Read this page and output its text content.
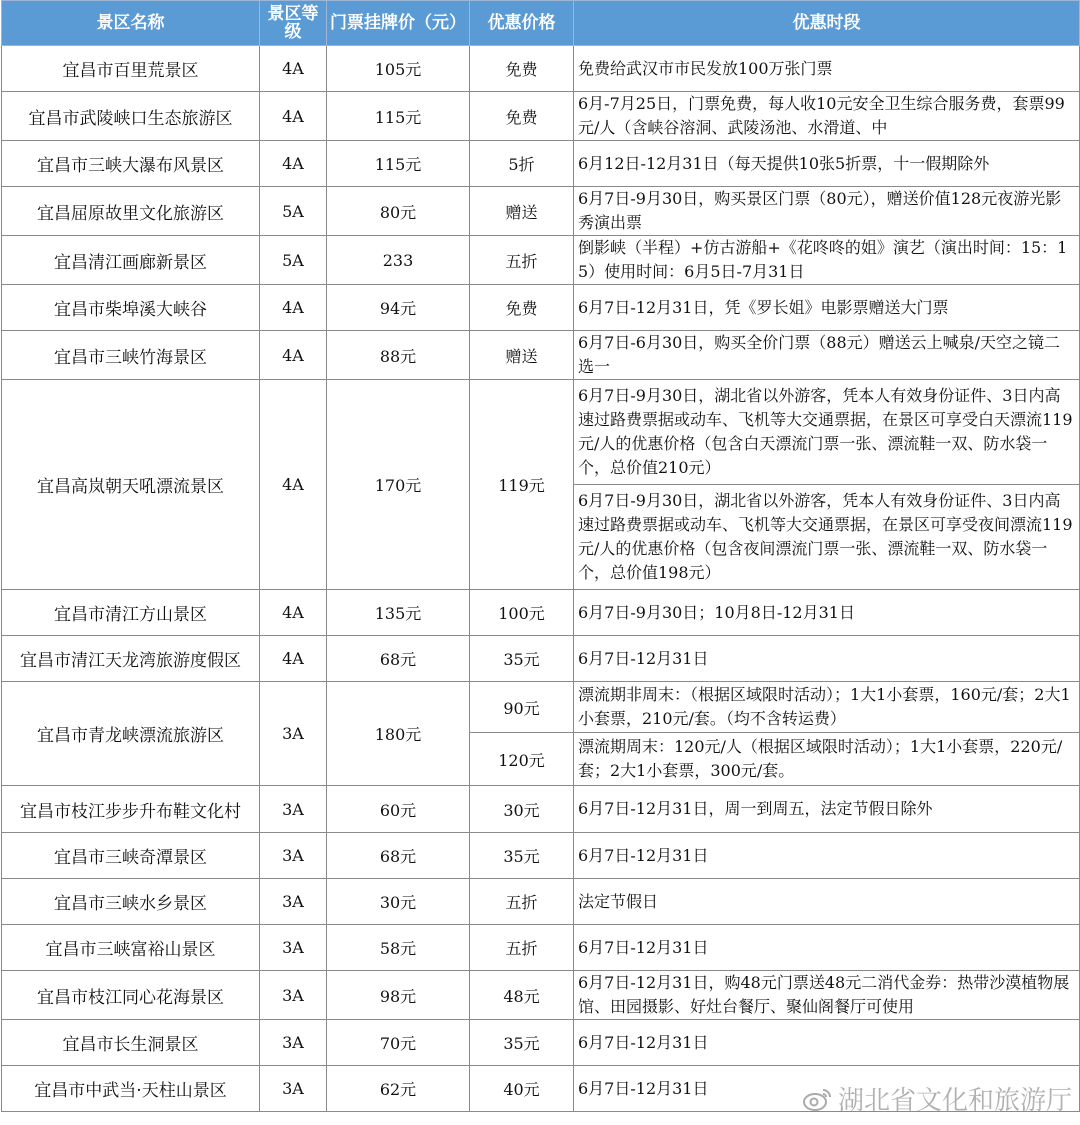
景区名称	景区等级	门票挂牌价（元）	优惠价格	优惠时段
宜昌市百里荒景区	4A	105元	免费	免费给武汉市市民发放100万张门票
宜昌市武陵峡口生态旅游区	4A	115元	免费	6月-7月25日，门票免费，每人收10元安全卫生综合服务费，套票99元/人（含峡谷溶洞、武陵汤池、水滑道、中

宜昌市三峡大瀑布风景区	4A	115元	5折	6月12日-12月31日（每天提供10张5折票，十一假期除外
宜昌屈原故里文化旅游区	5A	80元	赠送	6月7日-9月30日，购买景区门票（80元），赠送价值128元夜游光影秀演出票
宜昌清江画廊新景区	5A	233	五折	倒影峡（半程）+仿古游船+《花咚咚的姐》演艺（演出时间：15：15）使用时间：6月5日-7月31日
宜昌市柴埠溪大峡谷	4A	94元	免费	6月7日-12月31日，凭《罗长姐》电影票赠送大门票
宜昌市三峡竹海景区	4A	88元	赠送	6月7日-6月30日，购买全价门票（88元）赠送云上喊泉/天空之镜二选一
宜昌高岚朝天吼漂流景区	4A	170元	119元	6月7日-9月30日，湖北省以外游客，凭本人有效身份证件、3日内高速过路费票据或动车、飞机等大交通票据，在景区可享受白天漂流119元/人的优惠价格（包含白天漂流门票一张、漂流鞋一双、防水袋一个，总价值210元）
				6月7日-9月30日，湖北省以外游客，凭本人有效身份证件、3日内高速过路费票据或动车、飞机等大交通票据，在景区可享受夜间漂流119元/人的优惠价格（包含夜间漂流门票一张、漂流鞋一双、防水袋一个，总价值198元）
宜昌市清江方山景区	4A	135元	100元	6月7日-9月30日；10月8日-12月31日
宜昌市清江天龙湾旅游度假区	4A	68元	35元	6月7日-12月31日
宜昌市青龙峡漂流旅游区	3A	180元	90元	漂流期非周末：（根据区域限时活动）；1大1小套票，160元/套；2大1小套票，210元/套。（均不含转运费）
			120元	漂流期周末：120元/人（根据区域限时活动）；1大1小套票，220元/套；2大1小套票，300元/套。
宜昌市枝江步步升布鞋文化村	3A	60元	30元	6月7日-12月31日，周一到周五，法定节假日除外
宜昌市三峡奇潭景区	3A	68元	35元	6月7日-12月31日
宜昌市三峡水乡景区	3A	30元	五折	法定节假日
宜昌市三峡富裕山景区	3A	58元	五折	6月7日-12月31日
宜昌市枝江同心花海景区	3A	98元	48元	6月7日-12月31日，购48元门票送48元二消代金券：热带沙漠植物展馆、田园摄影、好灶台餐厅、聚仙阁餐厅可使用
宜昌市长生洞景区	3A	70元	35元	6月7日-12月31日
宜昌市中武当·天柱山景区	3A	62元	40元	6月7日-12月31日	湖北省文化和旅游厅
